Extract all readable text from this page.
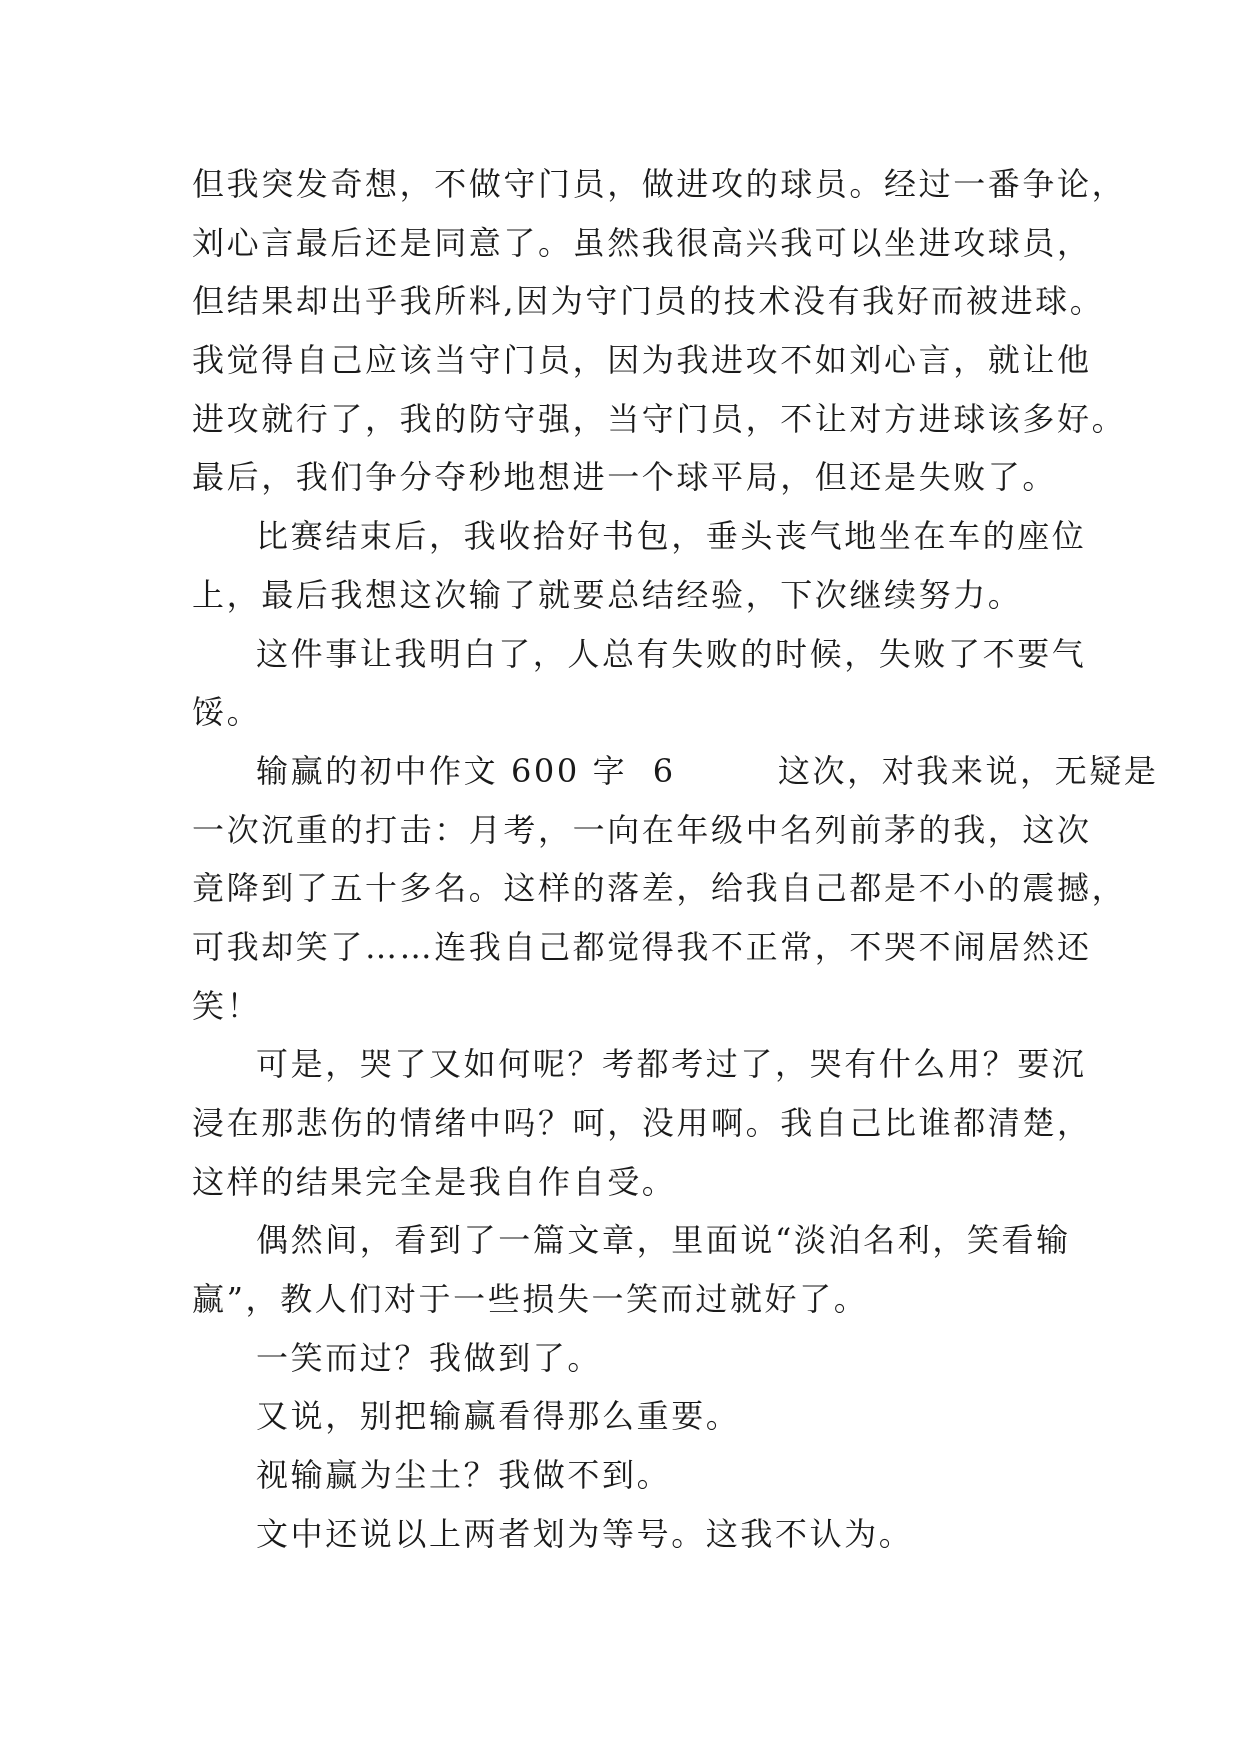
但我突发奇想，不做守门员，做进攻的球员。经过一番争论，
刘心言最后还是同意了。虽然我很高兴我可以坐进攻球员，
但结果却出乎我所料,因为守门员的技术没有我好而被进球。
我觉得自己应该当守门员，因为我进攻不如刘心言，就让他
进攻就行了，我的防守强，当守门员，不让对方进球该多好。
最后，我们争分夺秒地想进一个球平局，但还是失败了。
比赛结束后，我收拾好书包，垂头丧气地坐在车的座位
上，最后我想这次输了就要总结经验，下次继续努力。
这件事让我明白了，人总有失败的时候，失败了不要气
馁。
输赢的初中作文 600 字  6        这次，对我来说，无疑是
一次沉重的打击：月考，一向在年级中名列前茅的我，这次
竟降到了五十多名。这样的落差，给我自己都是不小的震撼，
可我却笑了……连我自己都觉得我不正常，不哭不闹居然还
笑！
可是，哭了又如何呢？考都考过了，哭有什么用？要沉
浸在那悲伤的情绪中吗？呵，没用啊。我自己比谁都清楚，
这样的结果完全是我自作自受。
偶然间，看到了一篇文章，里面说“淡泊名利，笑看输
赢”，教人们对于一些损失一笑而过就好了。
一笑而过？我做到了。
又说，别把输赢看得那么重要。
视输赢为尘土？我做不到。
文中还说以上两者划为等号。这我不认为。
